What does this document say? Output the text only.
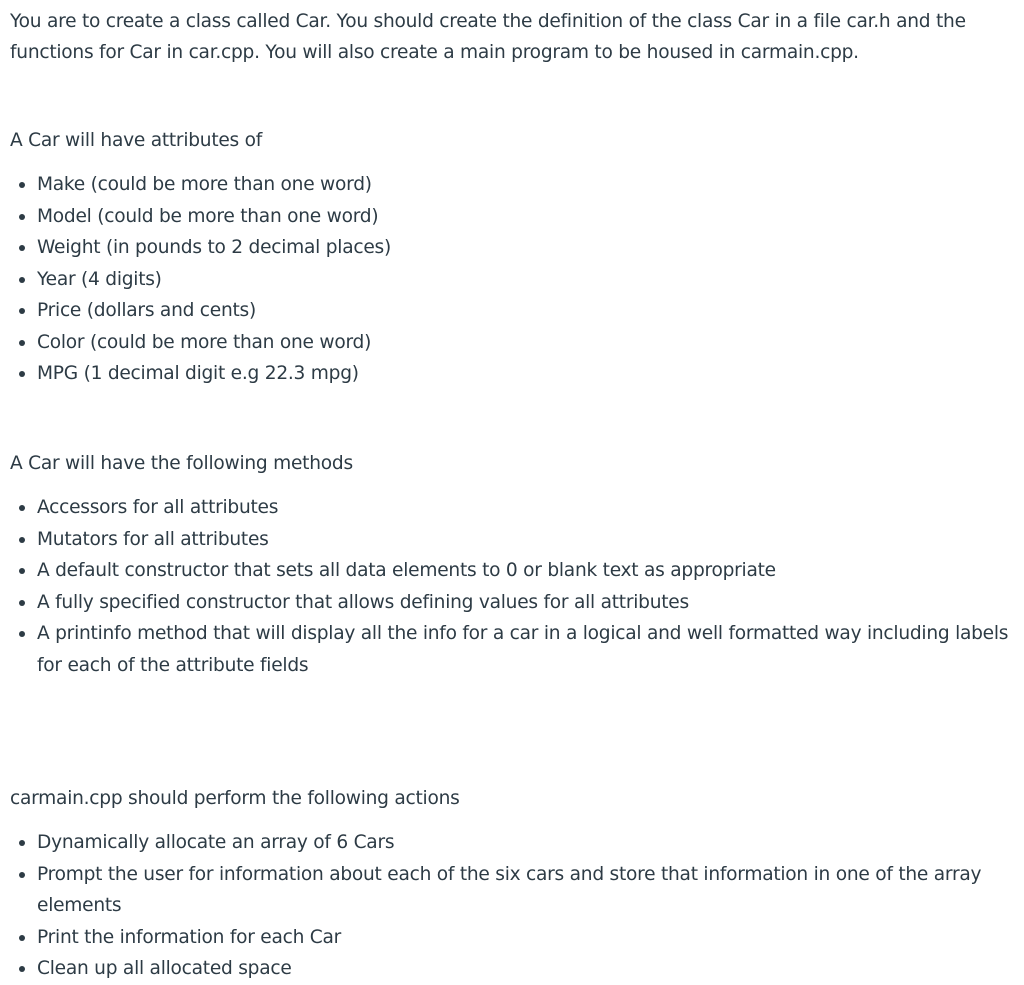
You are to create a class called Car. You should create the definition of the class Car in a file car.h and the functions for Car in car.cpp. You will also create a main program to be housed in carmain.cpp.

A Car will have attributes of

Make (could be more than one word)
Model (could be more than one word)
Weight (in pounds to 2 decimal places)
Year (4 digits)
Price (dollars and cents)
Color (could be more than one word)
MPG (1 decimal digit e.g 22.3 mpg)

A Car will have the following methods

Accessors for all attributes
Mutators for all attributes
A default constructor that sets all data elements to 0 or blank text as appropriate
A fully specified constructor that allows defining values for all attributes
A printinfo method that will display all the info for a car in a logical and well formatted way including labels for each of the attribute fields

carmain.cpp should perform the following actions

Dynamically allocate an array of 6 Cars
Prompt the user for information about each of the six cars and store that information in one of the array elements
Print the information for each Car
Clean up all allocated space
